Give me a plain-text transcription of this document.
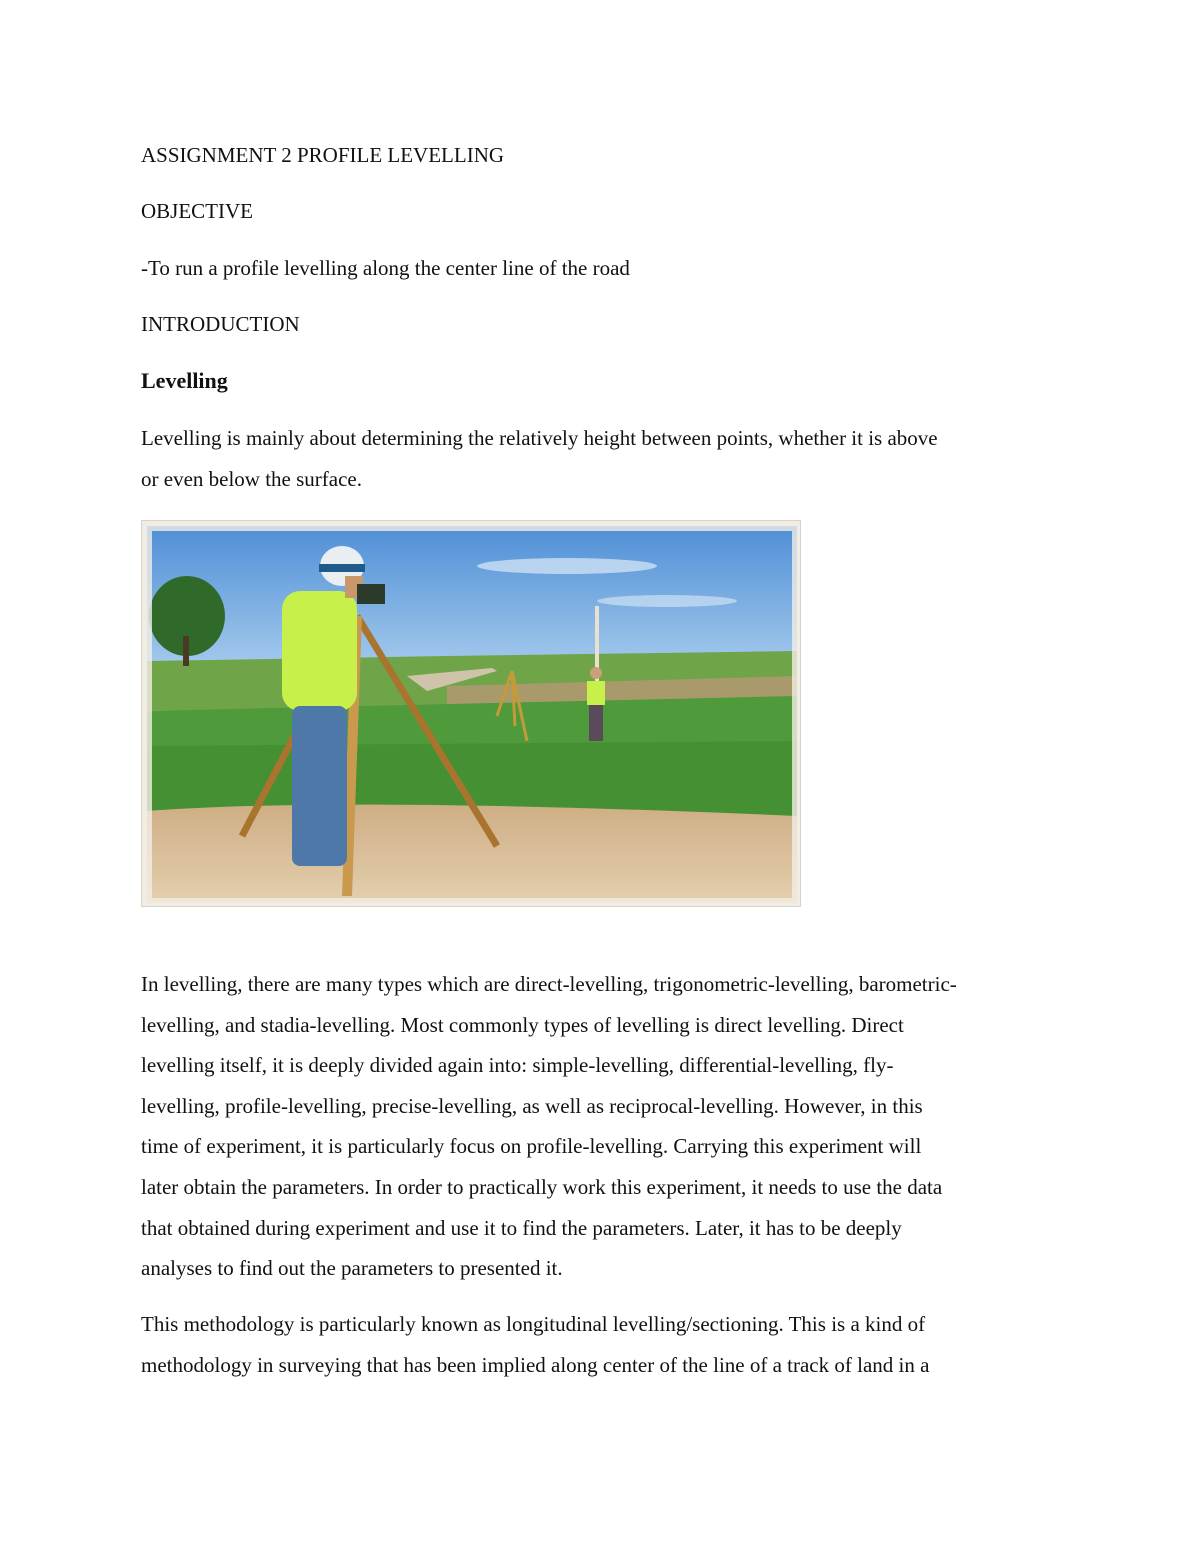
ASSIGNMENT 2 PROFILE LEVELLING
OBJECTIVE
-To run a profile levelling along the center line of the road
INTRODUCTION
Levelling
Levelling is mainly about determining the relatively height between points, whether it is above
or even below the surface.
In levelling, there are many types which are direct-levelling, trigonometric-levelling, barometric-
levelling, and stadia-levelling. Most commonly types of levelling is direct levelling. Direct
levelling itself, it is deeply divided again into: simple-levelling, differential-levelling, fly-
levelling, profile-levelling, precise-levelling, as well as reciprocal-levelling. However, in this
time of experiment, it is particularly focus on profile-levelling. Carrying this experiment will
later obtain the parameters. In order to practically work this experiment, it needs to use the data
that obtained during experiment and use it to find the parameters. Later, it has to be deeply
analyses to find out the parameters to presented it.
This methodology is particularly known as longitudinal levelling/sectioning. This is a kind of
methodology in surveying that has been implied along center of the line of a track of land in a
